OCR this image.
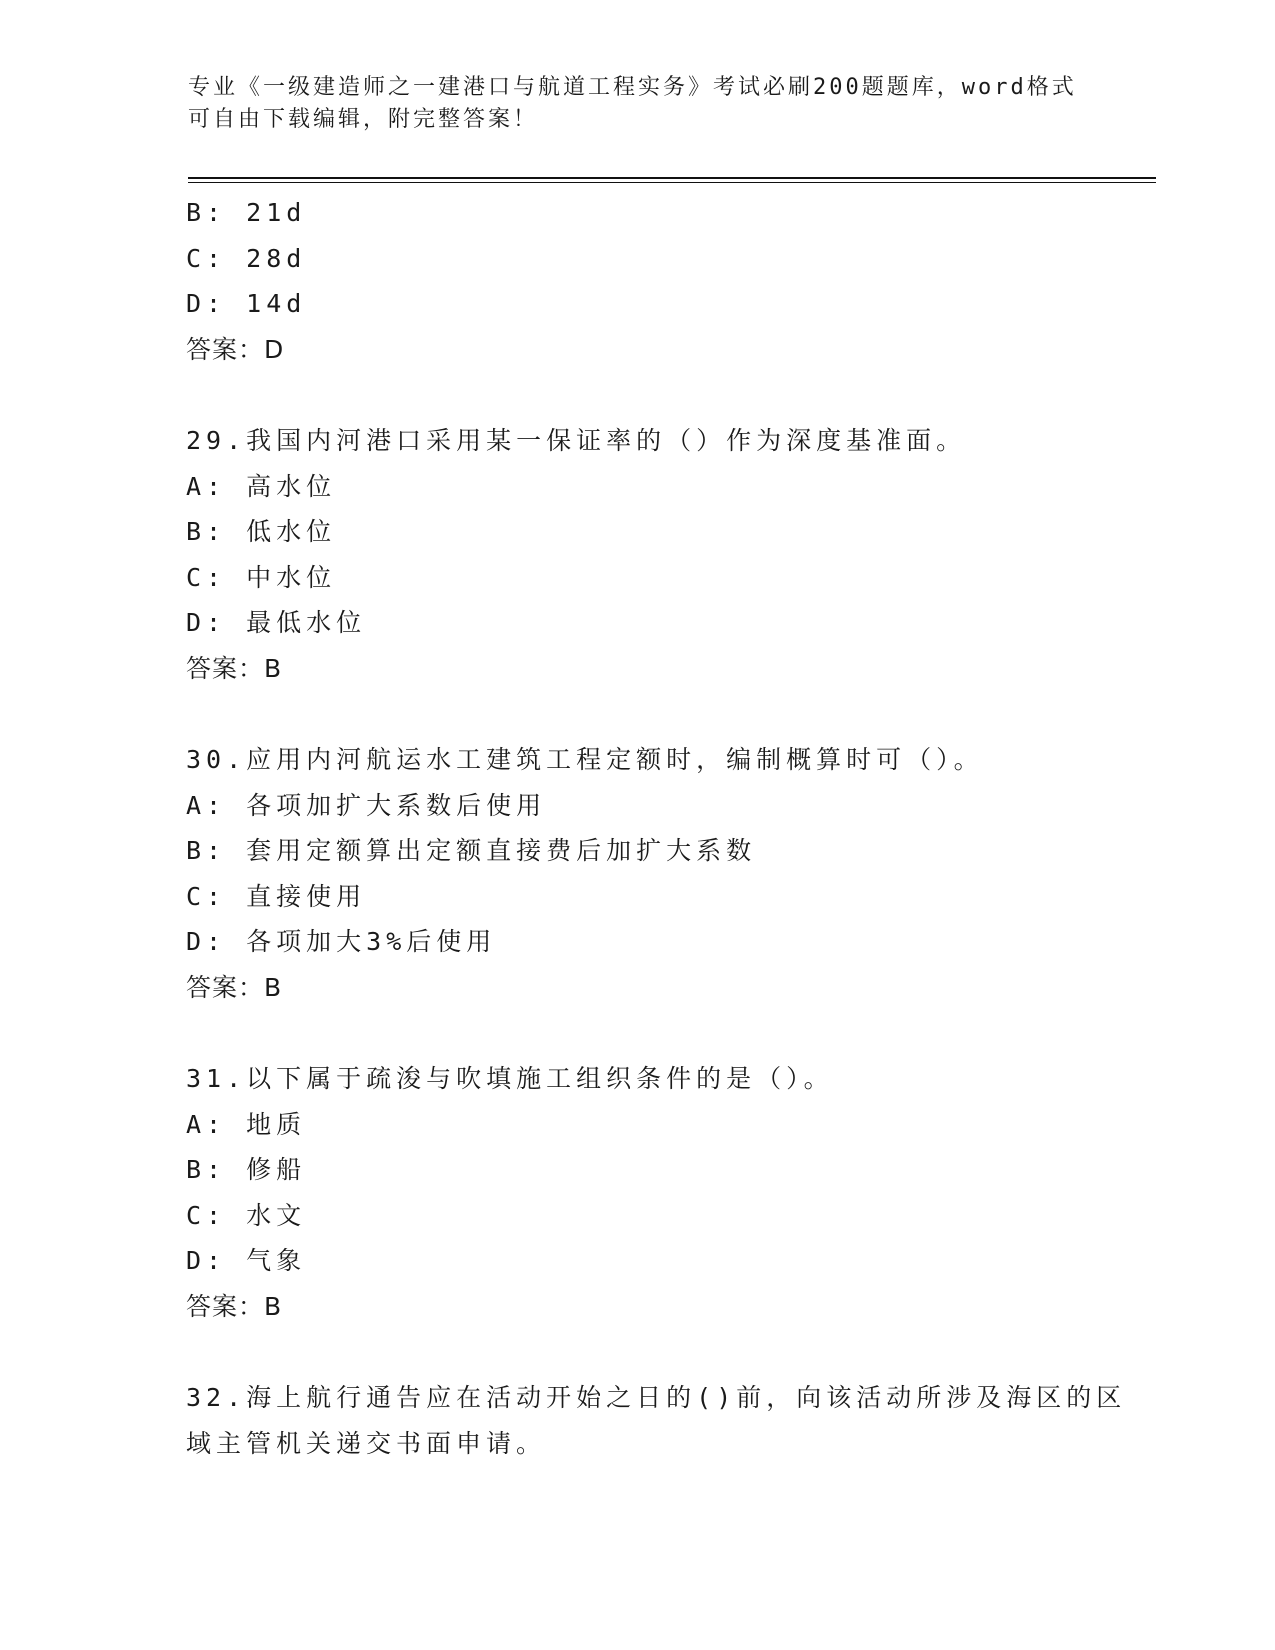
专业《一级建造师之一建港口与航道工程实务》考试必刷200题题库，word格式
可自由下载编辑，附完整答案！
B: 21d
C: 28d
D: 14d
答案：D
29.我国内河港口采用某一保证率的（）作为深度基准面。
A: 高水位
B: 低水位
C: 中水位
D: 最低水位
答案：B
30.应用内河航运水工建筑工程定额时，编制概算时可（）。
A: 各项加扩大系数后使用
B: 套用定额算出定额直接费后加扩大系数
C: 直接使用
D: 各项加大3%后使用
答案：B
31.以下属于疏浚与吹填施工组织条件的是（）。
A: 地质
B: 修船
C: 水文
D: 气象
答案：B
32.海上航行通告应在活动开始之日的()前，向该活动所涉及海区的区
域主管机关递交书面申请。
